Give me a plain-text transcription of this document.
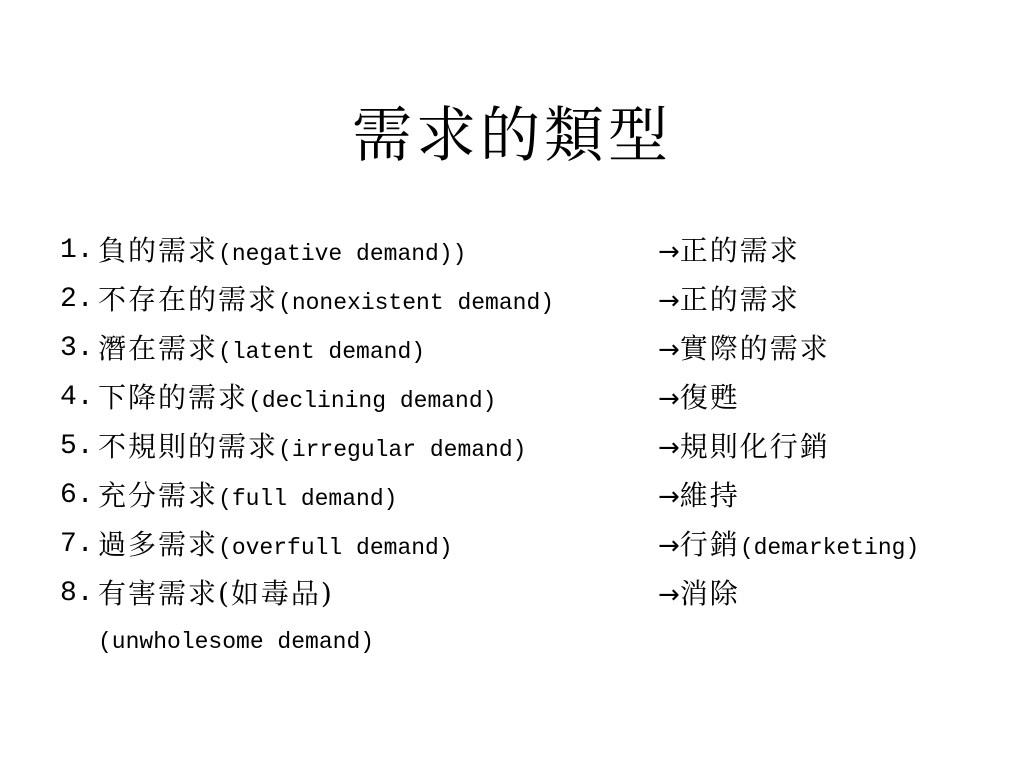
需求的類型
1. 負的需求(negative demand))	→正的需求
2. 不存在的需求(nonexistent demand)	→正的需求
3. 潛在需求(latent demand)	→實際的需求
4. 下降的需求(declining demand)	→復甦
5. 不規則的需求(irregular demand)	→規則化行銷
6. 充分需求(full demand)	→維持
7. 過多需求(overfull demand)	→行銷(demarketing)
8. 有害需求(如毒品)	→消除
(unwholesome demand)
